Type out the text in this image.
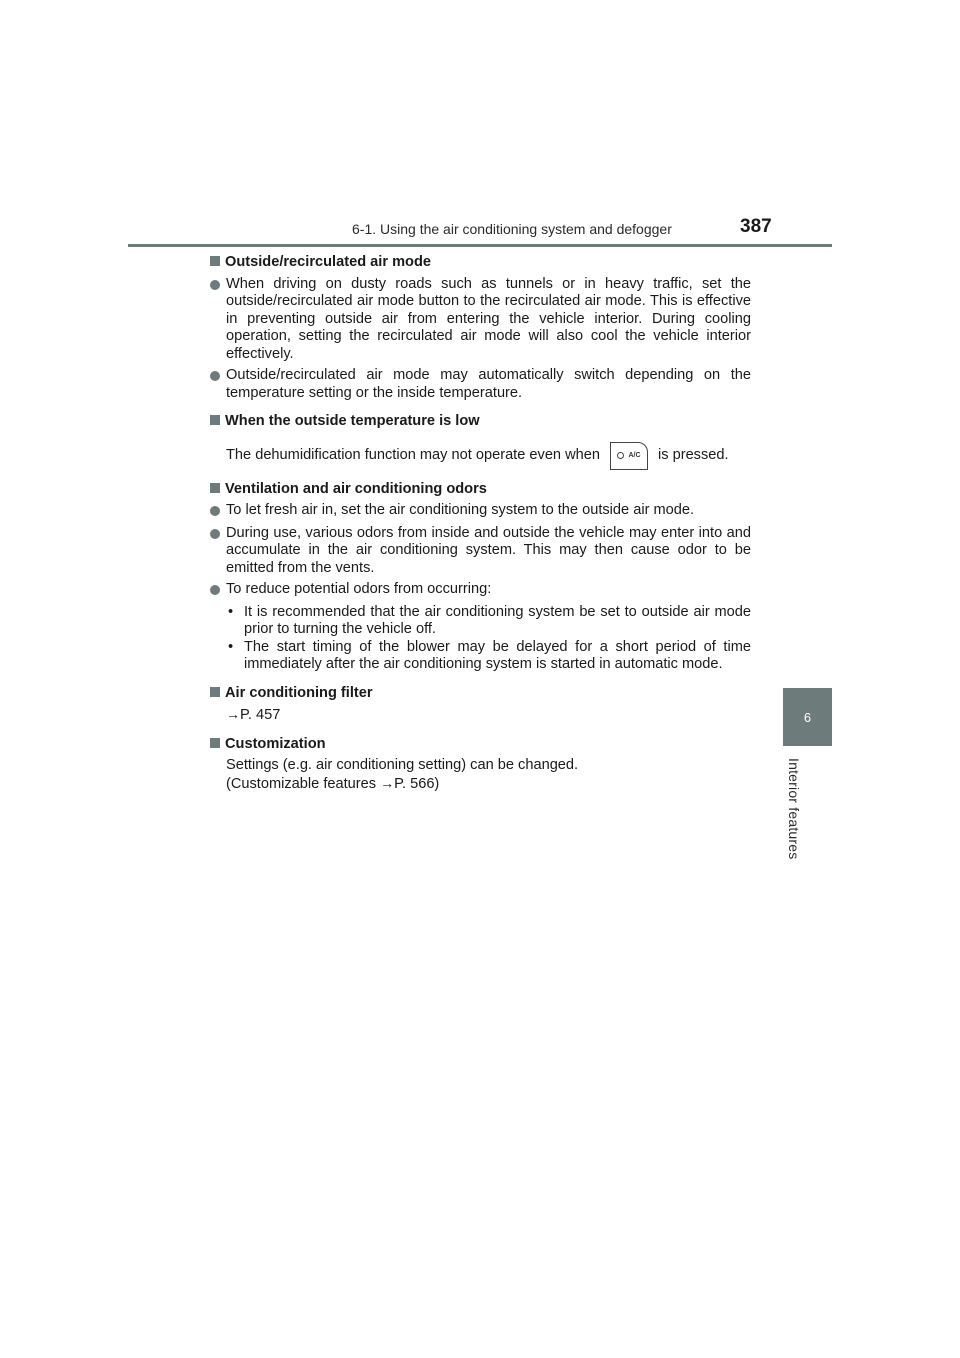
6-1. Using the air conditioning system and defogger	387
6
Interior features
Outside/recirculated air mode
When driving on dusty roads such as tunnels or in heavy traffic, set the outside/recirculated air mode button to the recirculated air mode. This is effective in preventing outside air from entering the vehicle interior. During cooling operation, setting the recirculated air mode will also cool the vehicle interior effectively.
Outside/recirculated air mode may automatically switch depending on the temperature setting or the inside temperature.
When the outside temperature is low
The dehumidification function may not operate even when	A/C is pressed.
Ventilation and air conditioning odors
To let fresh air in, set the air conditioning system to the outside air mode.
During use, various odors from inside and outside the vehicle may enter into and accumulate in the air conditioning system. This may then cause odor to be emitted from the vents.
To reduce potential odors from occurring:
• It is recommended that the air conditioning system be set to outside air mode prior to turning the vehicle off.
• The start timing of the blower may be delayed for a short period of time immediately after the air conditioning system is started in automatic mode.
Air conditioning filter
→P. 457
Customization
Settings (e.g. air conditioning setting) can be changed.
(Customizable features →P. 566)
